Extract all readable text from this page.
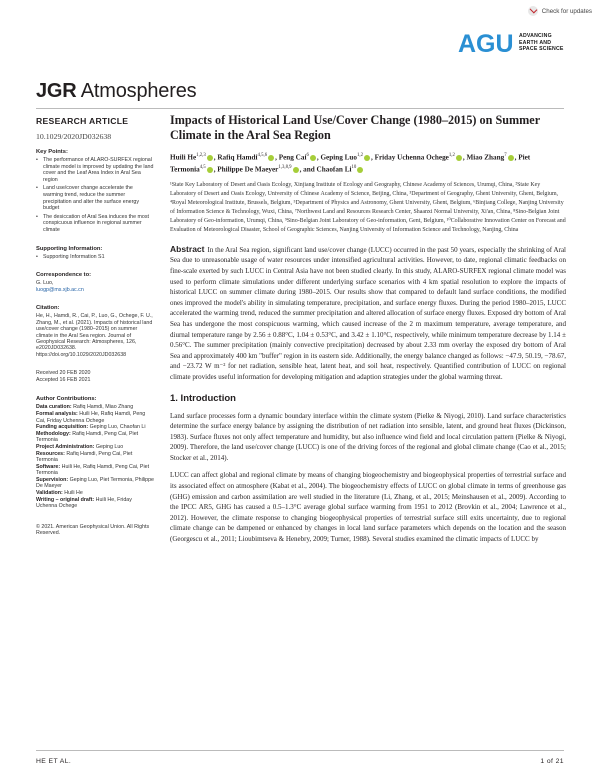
Check for updates
AGU ADVANCING
EARTH AND
SPACE SCIENCE
JGR Atmospheres
RESEARCH ARTICLE
10.1029/2020JD032638
Key Points:
• The performance of ALARO-SURFEX regional climate model is improved by updating the land cover and the Leaf Area Index in Aral Sea region
• Land use/cover change accelerate the warming trend, reduce the summer precipitation and alter the surface energy budget
• The desiccation of Aral Sea induces the most conspicuous influence in regional summer climate
Supporting Information:
• Supporting Information S1
Correspondence to:

G. Luo,

luogp@ms.xjb.ac.cn

Citation:

He, H., Hamdi, R., Cai, P., Luo, G., Ochege, F. U., Zhang, M., et al. (2021). Impacts of historical land use/cover change (1980–2015) on summer climate in the Aral Sea region. Journal of Geophysical Research: Atmospheres, 126, e2020JD032638. https://doi.org/10.1029/2020JD032638

Received 20 FEB 2020

Accepted 16 FEB 2021

Author Contributions:

Data curation: Rafiq Hamdi, Miao Zhang

Formal analysis: Huili He, Rafiq Hamdi, Peng Cai, Friday Uchenna Ochege

Funding acquisition: Geping Luo, Chaofan Li

Methodology: Rafiq Hamdi, Peng Cai, Piet Termonia

Project Administration: Geping Luo

Resources: Rafiq Hamdi, Peng Cai, Piet Termonia

Software: Huili He, Rafiq Hamdi, Peng Cai, Piet Termonia

Supervision: Geping Luo, Piet Termonia, Philippe De Maeyer

Validation: Huili He

Writing – original draft: Huili He, Friday Uchenna Ochege

© 2021. American Geophysical Union. All Rights Reserved.

Impacts of Historical Land Use/Cover Change (1980–2015) on Summer Climate in the Aral Sea Region
Huili He$^{1,2,3}$ , Rafiq Hamdi$^{4,5,6}$ , Peng Cai$^6$ , Geping Luo$^{1,2}$ , Friday Uchenna Ochege$^{1,2}$ , Miao Zhang$^7$ , Piet Termonia$^{4,5}$ , Philippe De Maeyer$^{1,3,8,9}$ , and Chaofan Li$^{10}$
¹State Key Laboratory of Desert and Oasis Ecology, Xinjiang Institute of Ecology and Geography, Chinese Academy of Sciences, Urumqi, China, ²State Key Laboratory of Desert and Oasis Ecology, University of Chinese Academy of Science, Beijing, China, ³Department of Geography, Ghent University, Ghent, Belgium, ⁴Royal Meteorological Institute, Brussels, Belgium, ⁵Department of Physics and Astronomy, Ghent University, Ghent, Belgium, ⁶Binjiang College, Nanjing University of Information Science & Technology, Wuxi, China, ⁷Northwest Land and Resources Research Center, Shaanxi Normal University, Xi'an, China, ⁸Sino-Belgian Joint Laboratory of Geo-information, Urumqi, China, ⁹Sino-Belgian Joint Laboratory of Geo-information, Gent, Belgium, ¹⁰Collaborative Innovation Center on Forecast and Evaluation of Meteorological Disaster, School of Geographic Sciences, Nanjing University of Information Science and Technology, Nanjing, China
Abstract In the Aral Sea region, significant land use/cover change (LUCC) occurred in the past 50 years, especially the shrinking of Aral Sea due to unreasonable usage of water resources under intensified agricultural activities. However, to date, regional climatic feedbacks on fine-scale exerted by such LUCC in Central Asia have not been studied clearly. In this study, ALARO-SURFEX regional climate model was used to perform climate simulations under different underlying surface scenarios with 4 km spatial resolution to explore the impacts of historical LUCC on summer climate during 1980–2015. Our results show that compared to default land surface conditions, the modified ones improved the model's ability in simulating temperature, precipitation, and surface energy fluxes. During the period 1980–2015, LUCC accelerated the warming trend, reduced the summer precipitation and altered allocation of surface energy fluxes. Exposed dry bottom of Aral Sea has undergone the most conspicuous warming, which caused increase of the 2 m maximum temperature, average temperature, and diurnal temperature range by 2.56 ± 0.88°C, 1.04 ± 0.53°C, and 3.42 ± 1.10°C, respectively, while minimum temperature decrease by 1.14 ± 0.56°C. The summer precipitation (mainly convective precipitation) decreased by about 2.33 mm overlay the exposed dry bottom of Aral Sea and approximately 400 km "buffer" region in its eastern side. Additionally, the energy balance changed as follows: −47.9, 50.19, −78.67, and −23.72 W m⁻² for net radiation, sensible heat, latent heat, and soil heat, respectively. Quantified contribution of LUCC on regional climate provides useful information for developing mitigation and adaption strategies under the global warming threat.
1. Introduction

Land surface processes form a dynamic boundary interface within the climate system (Pielke & Niyogi, 2010). Land surface characteristics determine the surface energy balance by assigning the distribution of net radiation into sensible, latent, and ground heat fluxes (Dickinson, 1983). Surface fluxes not only affect temperature and humidity, but also influence wind field and local circulation pattern (Pielke & Niyogi, 2009). Therefore, the land use/cover change (LUCC) is one of the driving forces of the regional and global climate change (Cao et al., 2015; Stocker et al., 2014).

LUCC can affect global and regional climate by means of changing biogeochemistry and biogeophysical properties of terrestrial surface and its associated effect on atmosphere (Kabat et al., 2004). The biogeochemistry effects of LUCC on global climate in terms of greenhouse gas (GHG) emission and carbon assimilation are well studied in the literature (Li, Zhang, et al., 2015; Meinshausen et al., 2009). According to the IPCC AR5, GHG has caused a 0.5–1.3°C average global surface warming from 1951 to 2012 (Brovkin et al., 2004; Lawrence et al., 2012). However, the climate response to changing biogeophysical properties of terrestrial surface still exits uncertainty, due to regional climate change can be dampened or enhanced by changes in local land surface parameters which depends on the location and the season (Georgescu et al., 2011; Lioubimtseva & Henebry, 2009; Turner, 1988). Several studies examined the climatic impacts of LUCC by

HE ET AL.	1 of 21
